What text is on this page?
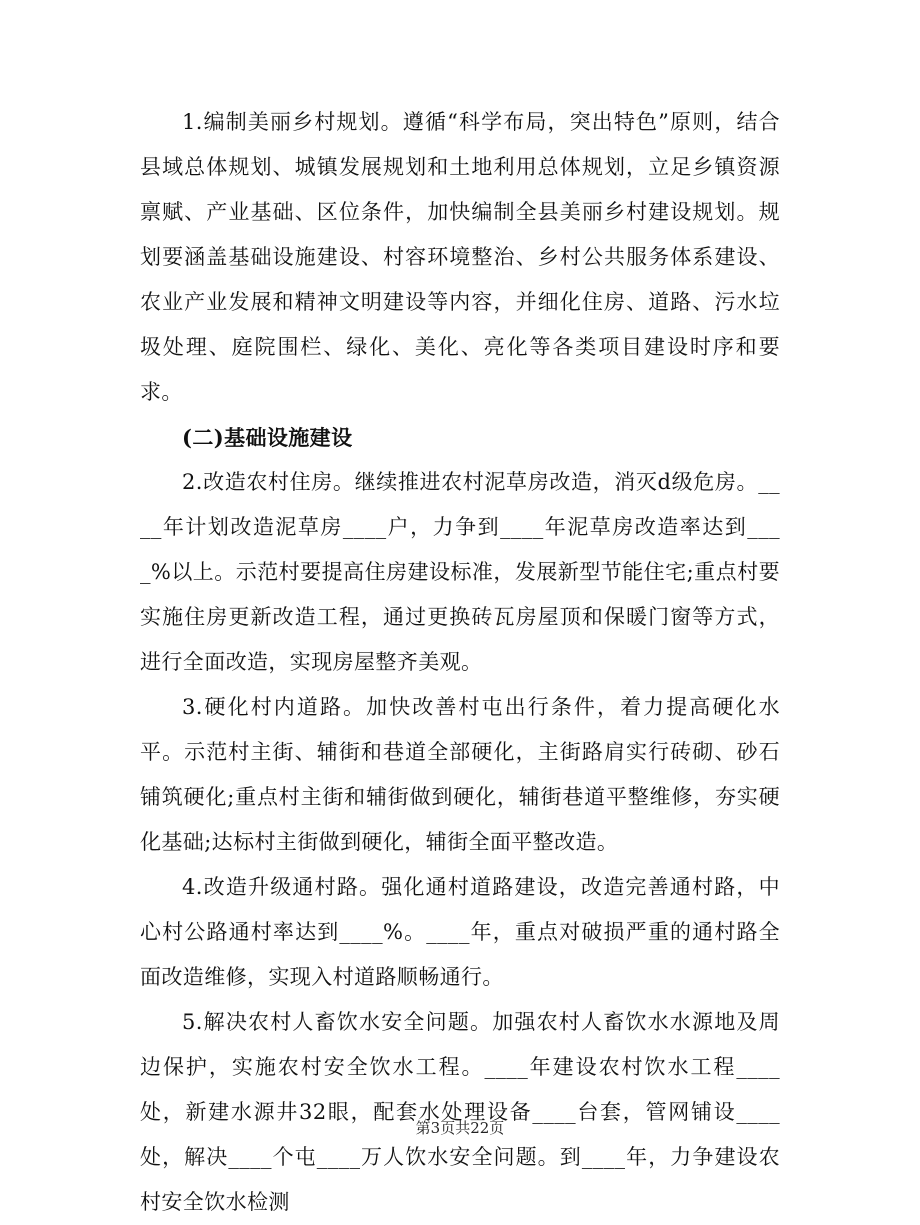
1.编制美丽乡村规划。遵循“科学布局，突出特色”原则，结合县域总体规划、城镇发展规划和土地利用总体规划，立足乡镇资源禀赋、产业基础、区位条件，加快编制全县美丽乡村建设规划。规划要涵盖基础设施建设、村容环境整治、乡村公共服务体系建设、农业产业发展和精神文明建设等内容，并细化住房、道路、污水垃圾处理、庭院围栏、绿化、美化、亮化等各类项目建设时序和要求。

(二)基础设施建设

2.改造农村住房。继续推进农村泥草房改造，消灭d级危房。____年计划改造泥草房____户，力争到____年泥草房改造率达到____%以上。示范村要提高住房建设标准，发展新型节能住宅;重点村要实施住房更新改造工程，通过更换砖瓦房屋顶和保暖门窗等方式，进行全面改造，实现房屋整齐美观。

3.硬化村内道路。加快改善村屯出行条件，着力提高硬化水平。示范村主街、辅街和巷道全部硬化，主街路肩实行砖砌、砂石铺筑硬化;重点村主街和辅街做到硬化，辅街巷道平整维修，夯实硬化基础;达标村主街做到硬化，辅街全面平整改造。

4.改造升级通村路。强化通村道路建设，改造完善通村路，中心村公路通村率达到____%。____年，重点对破损严重的通村路全面改造维修，实现入村道路顺畅通行。

5.解决农村人畜饮水安全问题。加强农村人畜饮水水源地及周边保护，实施农村安全饮水工程。____年建设农村饮水工程____处，新建水源井32眼，配套水处理设备____台套，管网铺设____处，解决____个屯____万人饮水安全问题。到____年，力争建设农村安全饮水检测

第3页共22页
